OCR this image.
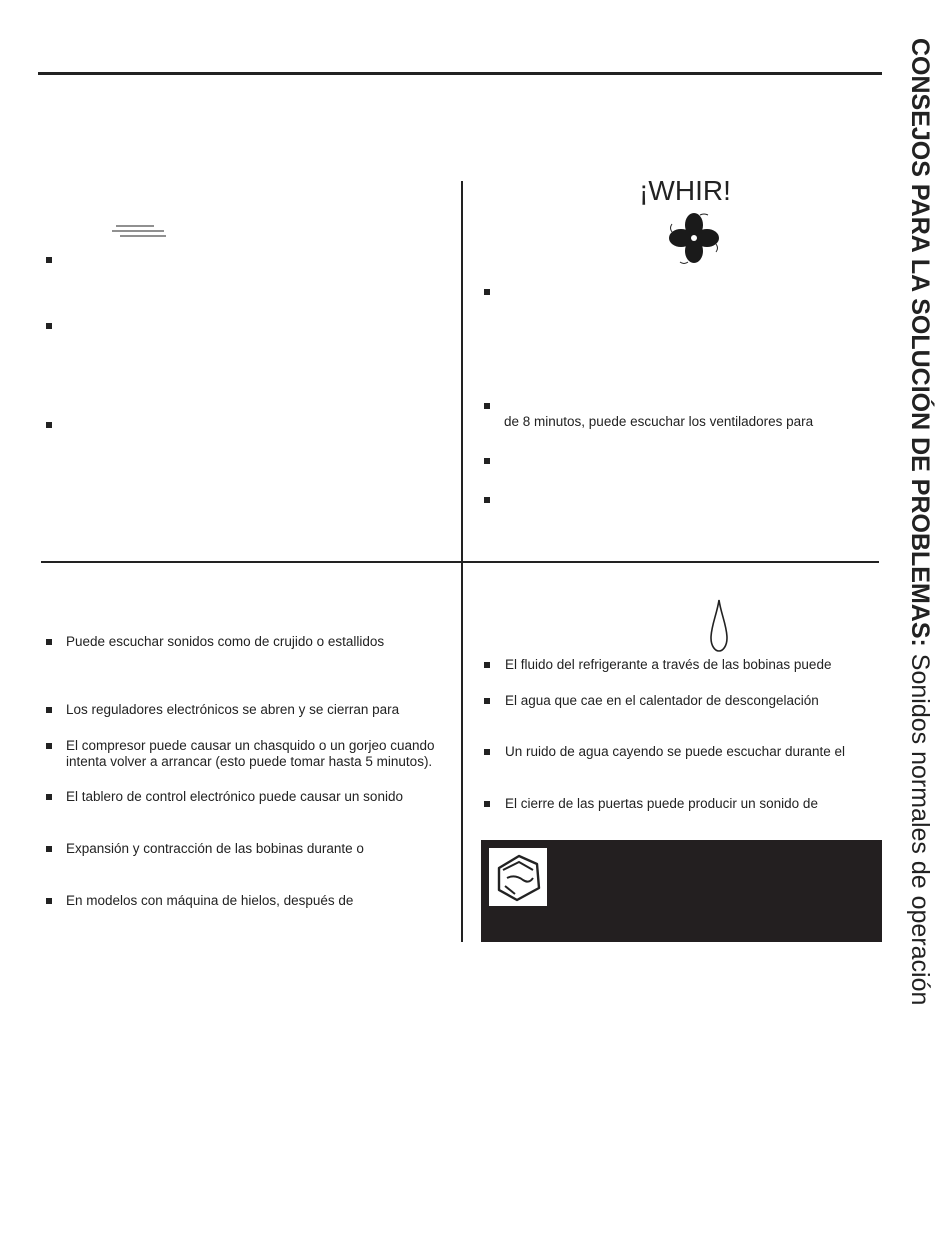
¡WHIR!

de 8 minutos, puede escuchar los ventiladores para

Puede escuchar sonidos como de crujido o estallidos

Los reguladores electrónicos se abren y se cierran para

El compresor puede causar un chasquido o un gorjeo cuando intenta volver a arrancar (esto puede tomar hasta 5 minutos).

El tablero de control electrónico puede causar un sonido

Expansión y contracción de las bobinas durante o

En modelos con máquina de hielos, después de

El fluido del refrigerante a través de las bobinas puede

El agua que cae en el calentador de descongelación

Un ruido de agua cayendo se puede escuchar durante el

El cierre de las puertas puede producir un sonido de

CONSEJOS PARA LA SOLUCIÓN DE PROBLEMAS: Sonidos normales de operación
